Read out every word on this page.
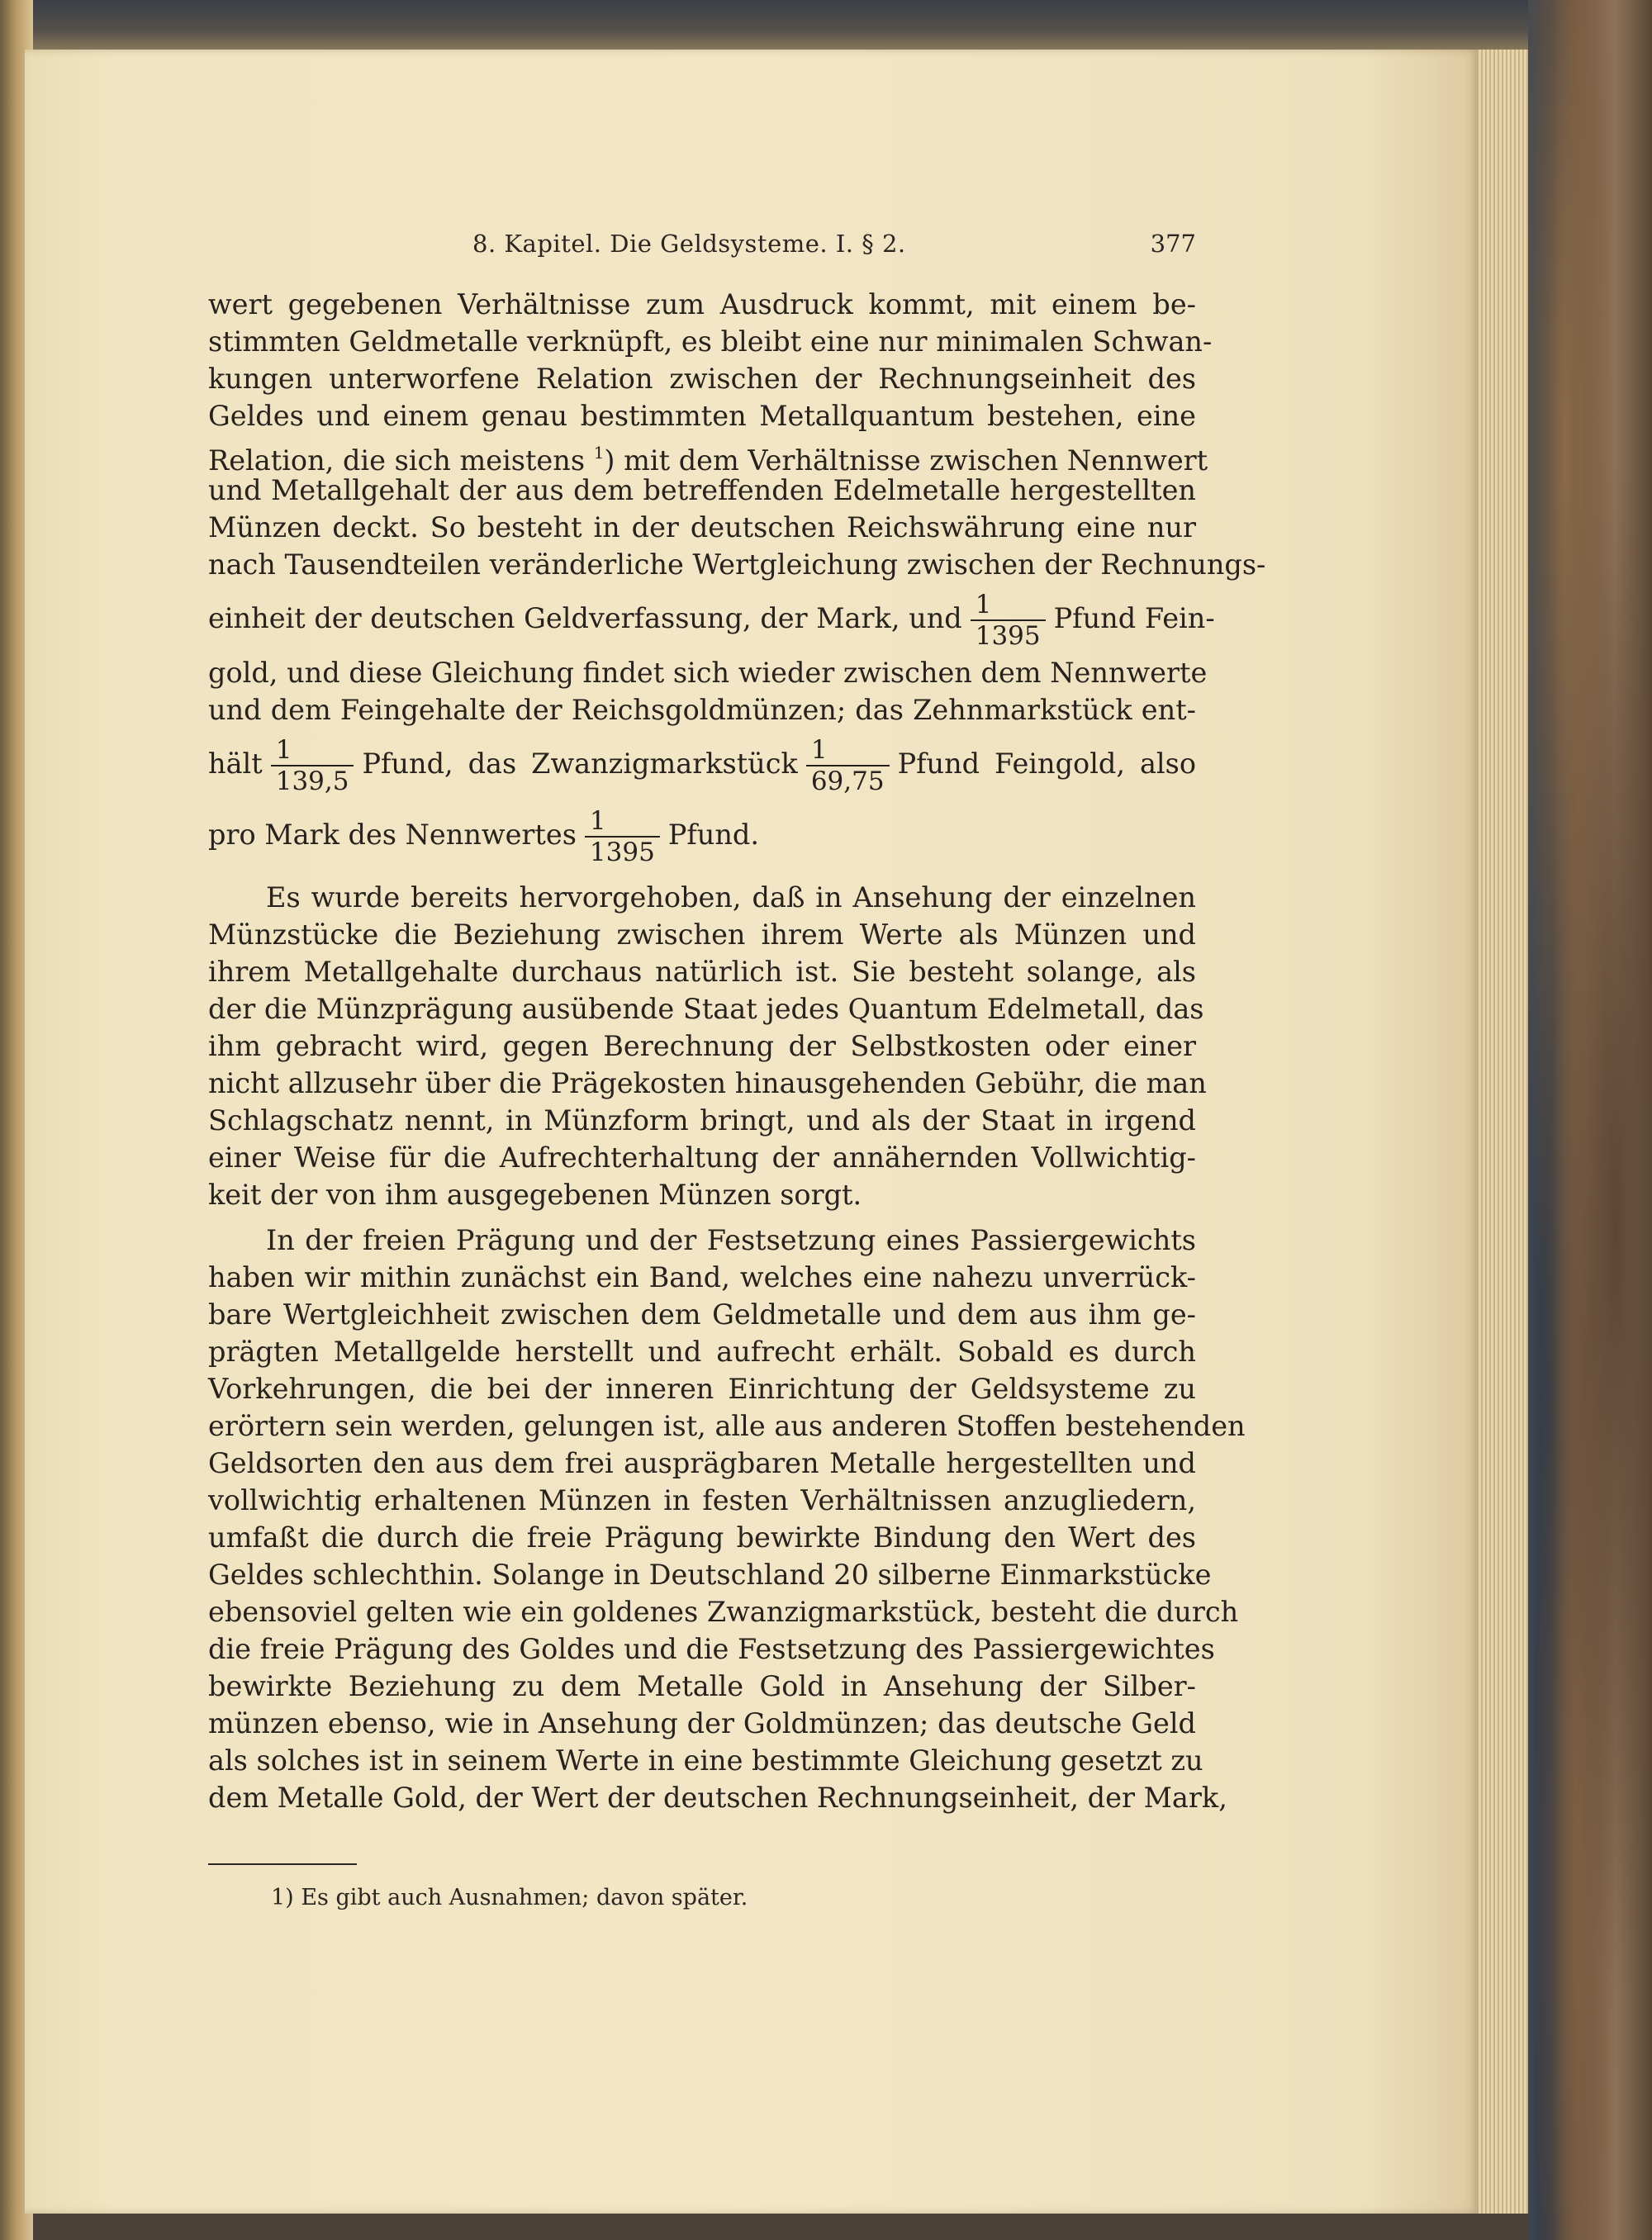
8. Kapitel. Die Geldsysteme. I. § 2.	377
wert gegebenen Verhältnisse zum Ausdruck kommt, mit einem be-
stimmten Geldmetalle verknüpft, es bleibt eine nur minimalen Schwan-
kungen unterworfene Relation zwischen der Rechnungseinheit des
Geldes und einem genau bestimmten Metallquantum bestehen, eine
Relation, die sich meistens $^1$) mit dem Verhältnisse zwischen Nennwert
und Metallgehalt der aus dem betreffenden Edelmetalle hergestellten
Münzen deckt. So besteht in der deutschen Reichswährung eine nur
nach Tausendteilen veränderliche Wertgleichung zwischen der Rechnungs-
einheit der deutschen Geldverfassung, der Mark, und $\frac{1}{1395}$ Pfund Fein-
gold, und diese Gleichung findet sich wieder zwischen dem Nennwerte
und dem Feingehalte der Reichsgoldmünzen; das Zehnmarkstück ent-
hält $\frac{1}{139,5}$ Pfund, das Zwanzigmarkstück $\frac{1}{69,75}$ Pfund Feingold, also
pro Mark des Nennwertes $\frac{1}{1395}$ Pfund.
Es wurde bereits hervorgehoben, daß in Ansehung der einzelnen
Münzstücke die Beziehung zwischen ihrem Werte als Münzen und
ihrem Metallgehalte durchaus natürlich ist. Sie besteht solange, als
der die Münzprägung ausübende Staat jedes Quantum Edelmetall, das
ihm gebracht wird, gegen Berechnung der Selbstkosten oder einer
nicht allzusehr über die Prägekosten hinausgehenden Gebühr, die man
Schlagschatz nennt, in Münzform bringt, und als der Staat in irgend
einer Weise für die Aufrechterhaltung der annähernden Vollwichtig-
keit der von ihm ausgegebenen Münzen sorgt.
In der freien Prägung und der Festsetzung eines Passiergewichts
haben wir mithin zunächst ein Band, welches eine nahezu unverrück-
bare Wertgleichheit zwischen dem Geldmetalle und dem aus ihm ge-
prägten Metallgelde herstellt und aufrecht erhält. Sobald es durch
Vorkehrungen, die bei der inneren Einrichtung der Geldsysteme zu
erörtern sein werden, gelungen ist, alle aus anderen Stoffen bestehenden
Geldsorten den aus dem frei ausprägbaren Metalle hergestellten und
vollwichtig erhaltenen Münzen in festen Verhältnissen anzugliedern,
umfaßt die durch die freie Prägung bewirkte Bindung den Wert des
Geldes schlechthin. Solange in Deutschland 20 silberne Einmarkstücke
ebensoviel gelten wie ein goldenes Zwanzigmarkstück, besteht die durch
die freie Prägung des Goldes und die Festsetzung des Passiergewichtes
bewirkte Beziehung zu dem Metalle Gold in Ansehung der Silber-
münzen ebenso, wie in Ansehung der Goldmünzen; das deutsche Geld
als solches ist in seinem Werte in eine bestimmte Gleichung gesetzt zu
dem Metalle Gold, der Wert der deutschen Rechnungseinheit, der Mark,
1) Es gibt auch Ausnahmen; davon später.
